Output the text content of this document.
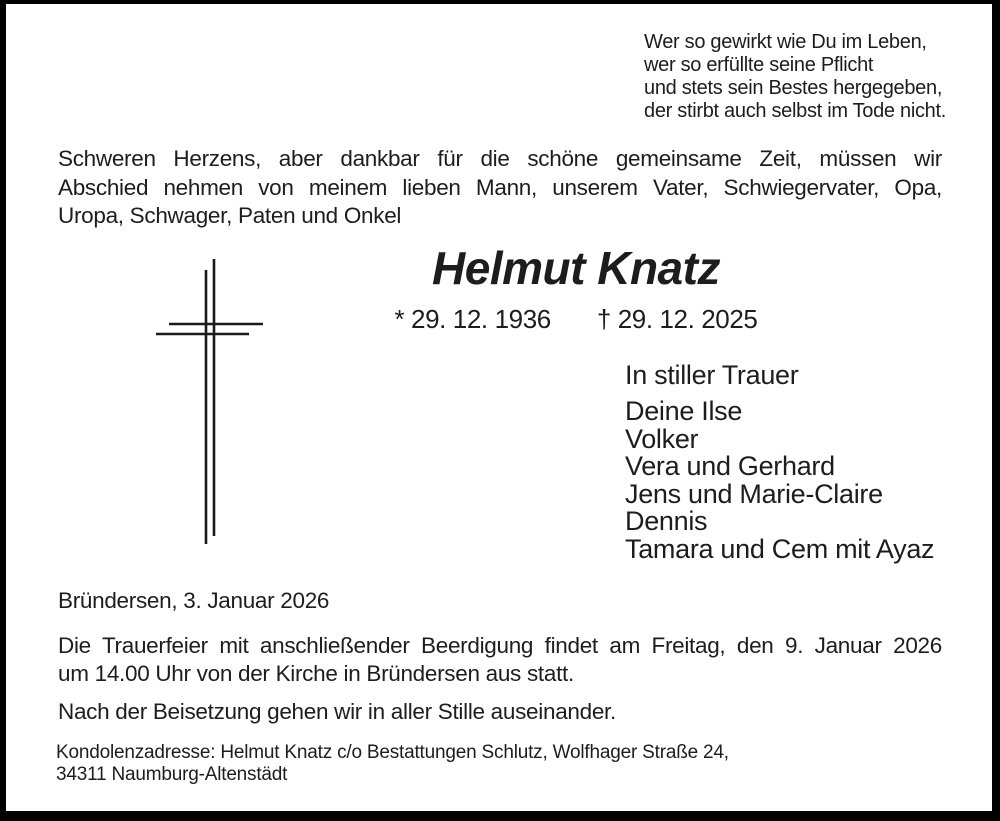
Wer so gewirkt wie Du im Leben,
wer so erfüllte seine Pflicht
und stets sein Bestes hergegeben,
der stirbt auch selbst im Tode nicht.
Schweren Herzens, aber dankbar für die schöne gemeinsame Zeit, müssen wir
Abschied nehmen von meinem lieben Mann, unserem Vater, Schwiegervater, Opa,
Uropa, Schwager, Paten und Onkel
Helmut Knatz
* 29. 12. 1936 † 29. 12. 2025

In stiller Trauer

Deine Ilse
Volker
Vera und Gerhard
Jens und Marie-Claire
Dennis
Tamara und Cem mit Ayaz
Bründersen, 3. Januar 2026
Die Trauerfeier mit anschließender Beerdigung findet am Freitag, den 9. Januar 2026
um 14.00 Uhr von der Kirche in Bründersen aus statt.
Nach der Beisetzung gehen wir in aller Stille auseinander.
Kondolenzadresse: Helmut Knatz c/o Bestattungen Schlutz, Wolfhager Straße 24,
34311 Naumburg-Altenstädt
